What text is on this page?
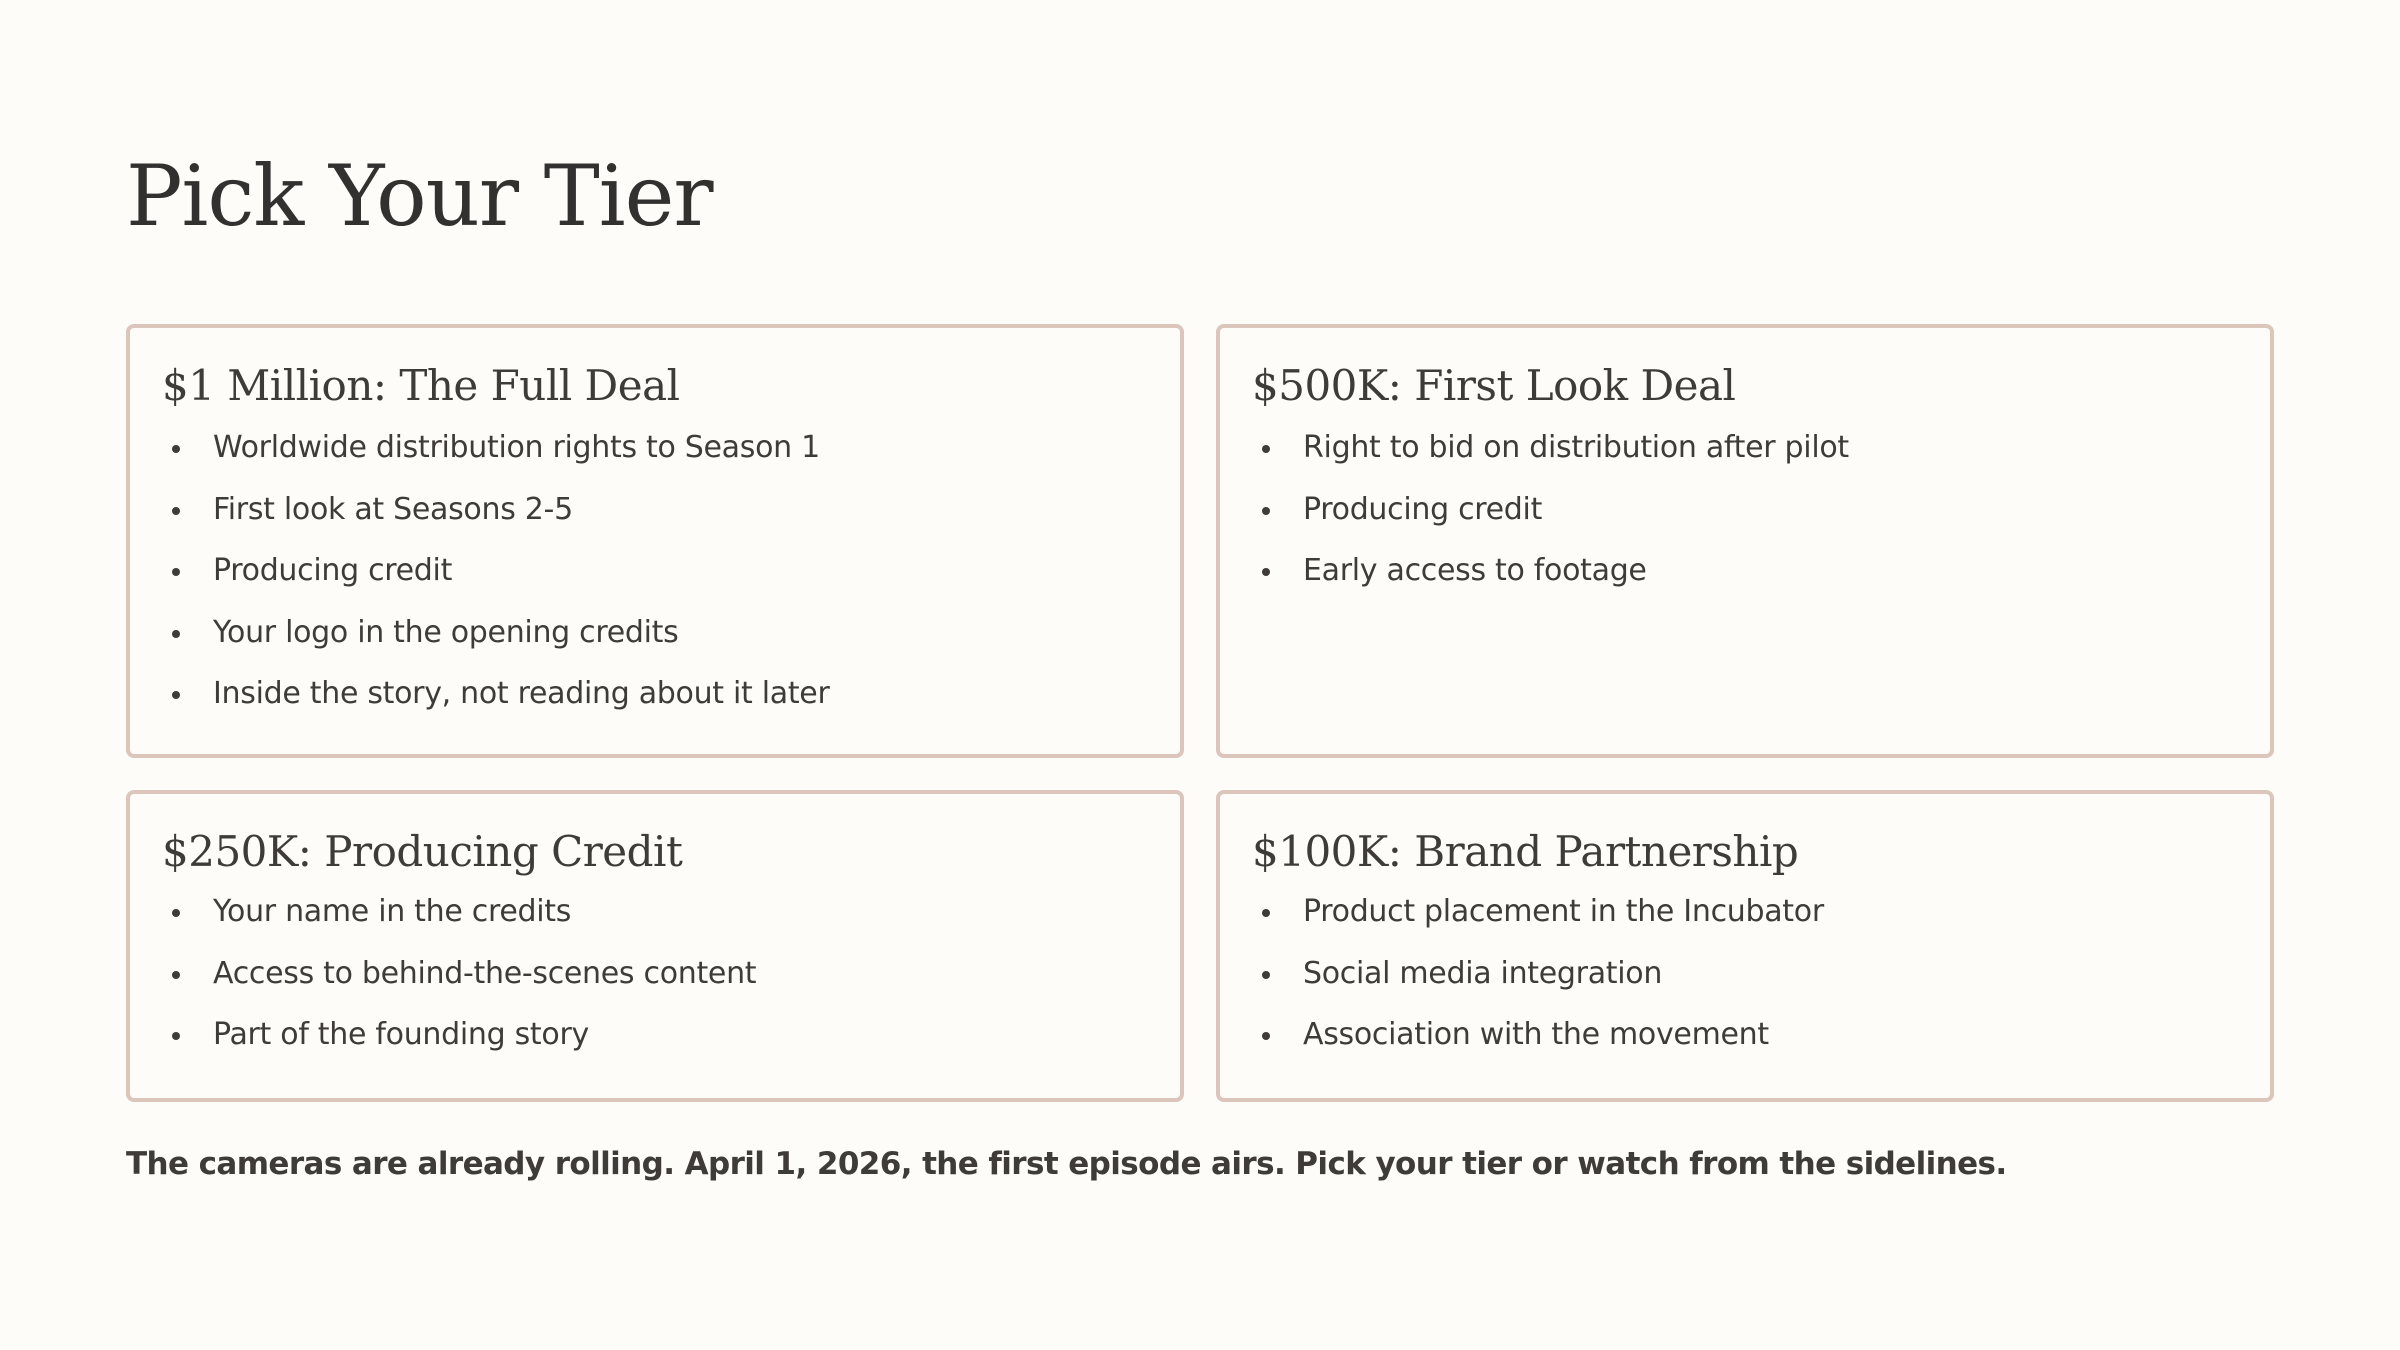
Pick Your Tier
$1 Million: The Full Deal
Worldwide distribution rights to Season 1
First look at Seasons 2-5
Producing credit
Your logo in the opening credits
Inside the story, not reading about it later
$500K: First Look Deal
Right to bid on distribution after pilot
Producing credit
Early access to footage
$250K: Producing Credit
Your name in the credits
Access to behind-the-scenes content
Part of the founding story
$100K: Brand Partnership
Product placement in the Incubator
Social media integration
Association with the movement

The cameras are already rolling. April 1, 2026, the first episode airs. Pick your tier or watch from the sidelines.
